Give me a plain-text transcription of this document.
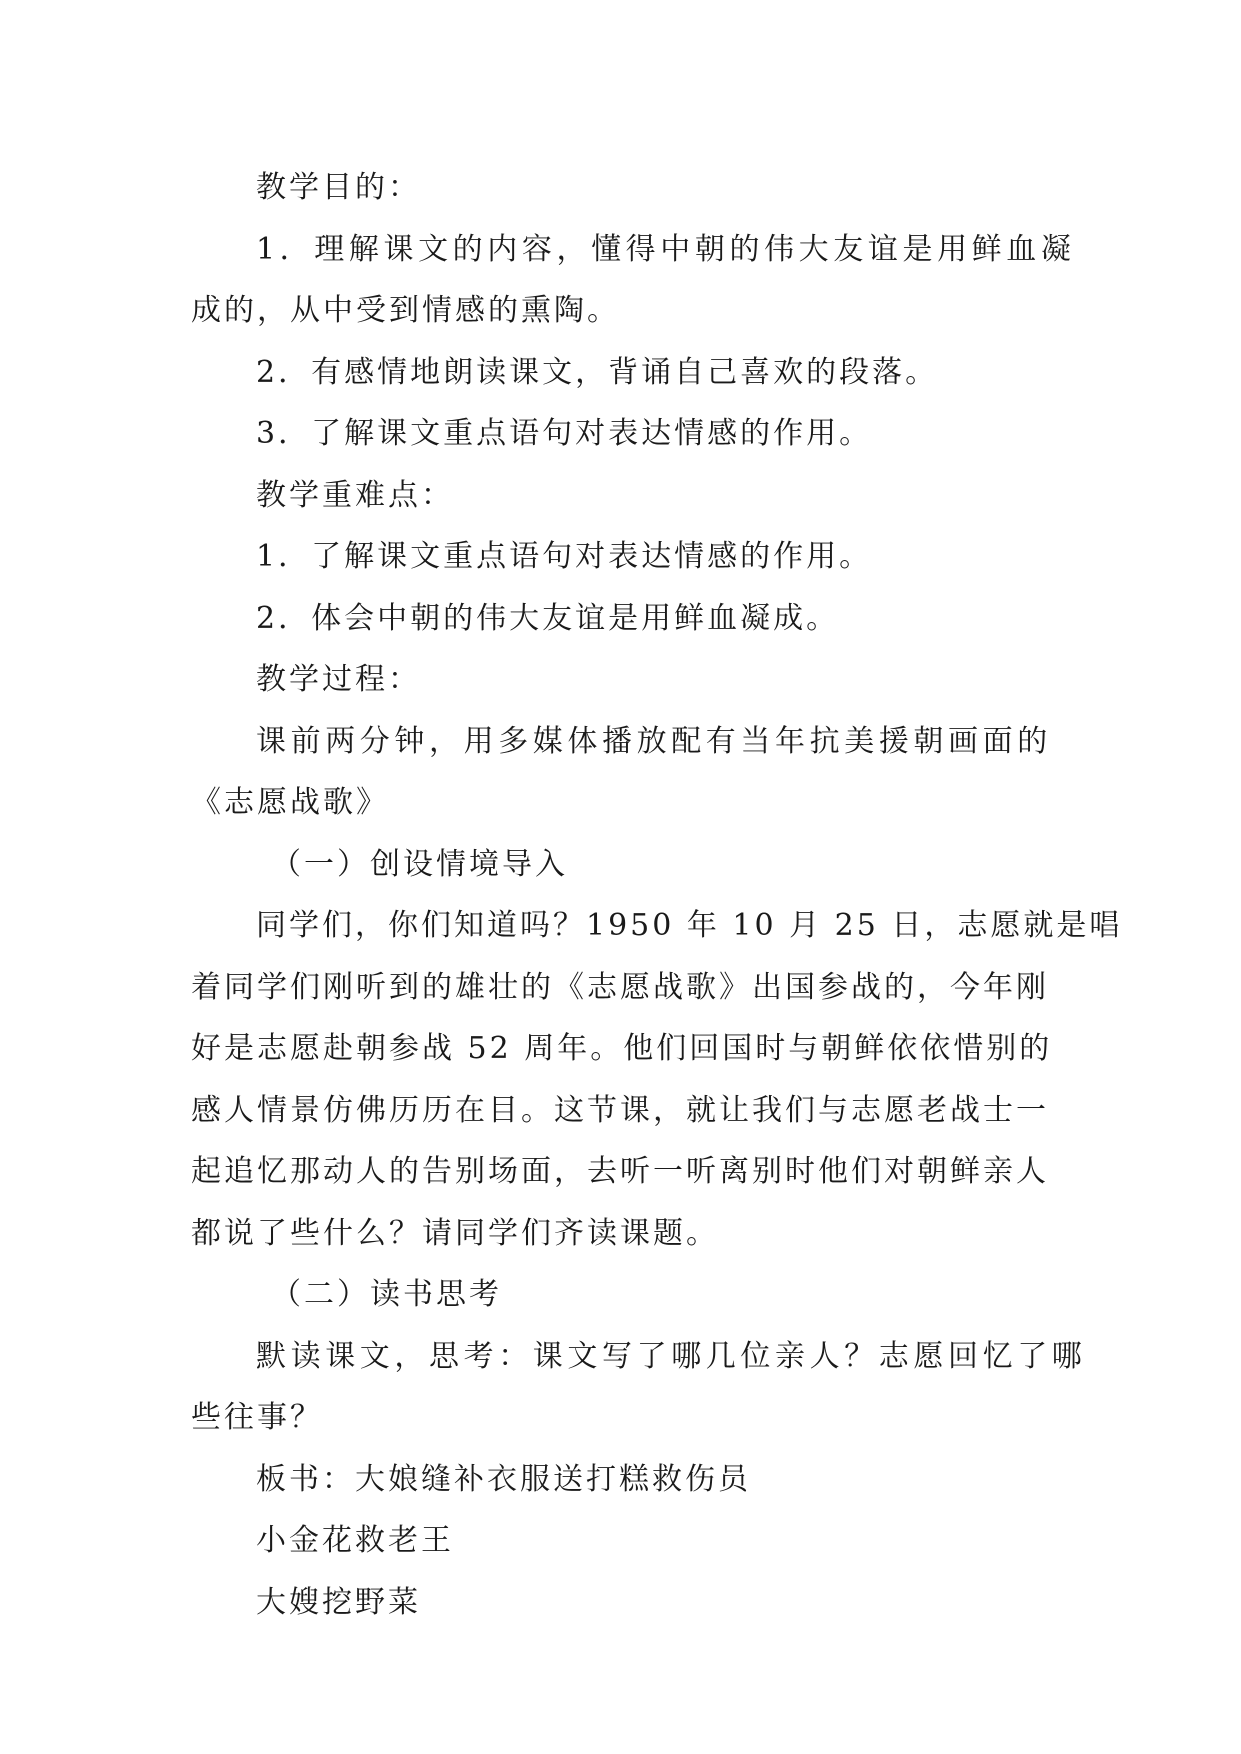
教学目的：
1．理解课文的内容，懂得中朝的伟大友谊是用鲜血凝
成的，从中受到情感的熏陶。
2．有感情地朗读课文，背诵自己喜欢的段落。
3．了解课文重点语句对表达情感的作用。
教学重难点：
1．了解课文重点语句对表达情感的作用。
2．体会中朝的伟大友谊是用鲜血凝成。
教学过程：
课前两分钟，用多媒体播放配有当年抗美援朝画面的
《志愿战歌》
（一）创设情境导入
同学们，你们知道吗？1950 年 10 月 25 日，志愿就是唱
着同学们刚听到的雄壮的《志愿战歌》出国参战的，今年刚
好是志愿赴朝参战 52 周年。他们回国时与朝鲜依依惜别的
感人情景仿佛历历在目。这节课，就让我们与志愿老战士一
起追忆那动人的告别场面，去听一听离别时他们对朝鲜亲人
都说了些什么？请同学们齐读课题。
（二）读书思考
默读课文，思考：课文写了哪几位亲人？志愿回忆了哪
些往事？
板书：大娘缝补衣服送打糕救伤员
小金花救老王
大嫂挖野菜
